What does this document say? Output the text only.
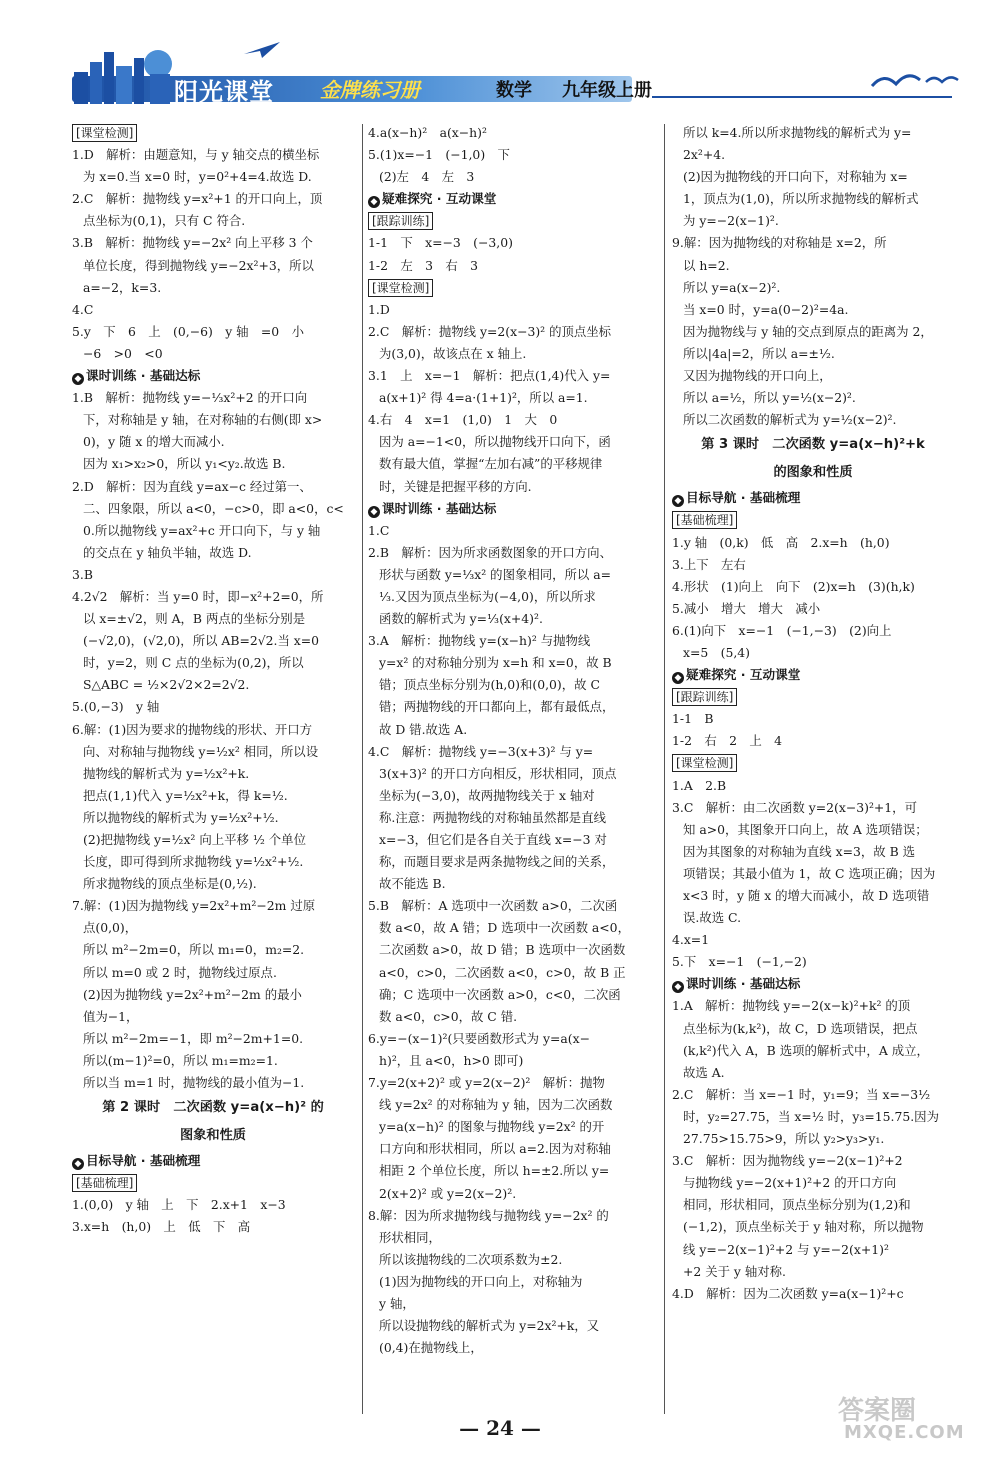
阳光课堂 金牌练习册	数学 九年级上册
[课堂检测]
1.D　解析：由题意知，与 y 轴交点的横坐标
为 x=0.当 x=0 时，y=0²+4=4.故选 D.
2.C　解析：抛物线 y=x²+1 的开口向上，顶
点坐标为(0,1)，只有 C 符合.
3.B　解析：抛物线 y=−2x² 向上平移 3 个
单位长度，得到抛物线 y=−2x²+3，所以
a=−2，k=3.
4.C
5.y　下　6　上　(0,−6)　y 轴　=0　小
−6　>0　<0
◆ 课时训练 · 基础达标
1.B　解析：抛物线 y=−⅓x²+2 的开口向
下，对称轴是 y 轴，在对称轴的右侧(即 x>
0)，y 随 x 的增大而减小.
因为 x₁>x₂>0，所以 y₁<y₂.故选 B.
2.D　解析：因为直线 y=ax−c 经过第一、
二、四象限，所以 a<0，−c>0，即 a<0，c<
0.所以抛物线 y=ax²+c 开口向下，与 y 轴
的交点在 y 轴负半轴，故选 D.
3.B
4.2√2　解析：当 y=0 时，即−x²+2=0，所
以 x=±√2，则 A，B 两点的坐标分别是
(−√2,0)，(√2,0)，所以 AB=2√2.当 x=0
时，y=2，则 C 点的坐标为(0,2)，所以
S△ABC = ½×2√2×2=2√2.
5.(0,−3)　y 轴
6.解：(1)因为要求的抛物线的形状、开口方
向、对称轴与抛物线 y=½x² 相同，所以设
抛物线的解析式为 y=½x²+k.
把点(1,1)代入 y=½x²+k，得 k=½.
所以抛物线的解析式为 y=½x²+½.
(2)把抛物线 y=½x² 向上平移 ½ 个单位
长度，即可得到所求抛物线 y=½x²+½.
所求抛物线的顶点坐标是(0,½).
7.解：(1)因为抛物线 y=2x²+m²−2m 过原
点(0,0)，
所以 m²−2m=0，所以 m₁=0，m₂=2.
所以 m=0 或 2 时，抛物线过原点.
(2)因为抛物线 y=2x²+m²−2m 的最小
值为−1，
所以 m²−2m=−1，即 m²−2m+1=0.
所以(m−1)²=0，所以 m₁=m₂=1.
所以当 m=1 时，抛物线的最小值为−1.
第 2 课时　二次函数 y=a(x−h)² 的
图象和性质
◆ 目标导航 · 基础梳理
[基础梳理]
1.(0,0)　y 轴　上　下　2.x+1　x−3
3.x=h　(h,0)　上　低　下　高
4.a(x−h)²　a(x−h)²
5.(1)x=−1　(−1,0)　下
(2)左　4　左　3
◆ 疑难探究 · 互动课堂
[跟踪训练]
1-1　下　x=−3　(−3,0)
1-2　左　3　右　3
[课堂检测]
1.D
2.C　解析：抛物线 y=2(x−3)² 的顶点坐标
为(3,0)，故该点在 x 轴上.
3.1　上　x=−1　解析：把点(1,4)代入 y=
a(x+1)² 得 4=a·(1+1)²，所以 a=1.
4.右　4　x=1　(1,0)　1　大　0
因为 a=−1<0，所以抛物线开口向下，函
数有最大值，掌握“左加右减”的平移规律
时，关键是把握平移的方向.
◆ 课时训练 · 基础达标
1.C
2.B　解析：因为所求函数图象的开口方向、
形状与函数 y=⅓x² 的图象相同，所以 a=
⅓.又因为顶点坐标为(−4,0)，所以所求
函数的解析式为 y=⅓(x+4)².
3.A　解析：抛物线 y=(x−h)² 与抛物线
y=x² 的对称轴分别为 x=h 和 x=0，故 B
错；顶点坐标分别为(h,0)和(0,0)，故 C
错；两抛物线的开口都向上，都有最低点，
故 D 错.故选 A.
4.C　解析：抛物线 y=−3(x+3)² 与 y=
3(x+3)² 的开口方向相反，形状相同，顶点
坐标为(−3,0)，故两抛物线关于 x 轴对
称.注意：两抛物线的对称轴虽然都是直线
x=−3，但它们是各自关于直线 x=−3 对
称，而题目要求是两条抛物线之间的关系，
故不能选 B.
5.B　解析：A 选项中一次函数 a>0，二次函
数 a<0，故 A 错；D 选项中一次函数 a<0，
二次函数 a>0，故 D 错；B 选项中一次函数
a<0，c>0，二次函数 a<0，c>0，故 B 正
确；C 选项中一次函数 a>0，c<0，二次函
数 a<0，c>0，故 C 错.
6.y=−(x−1)²(只要函数形式为 y=a(x−
h)²，且 a<0，h>0 即可)
7.y=2(x+2)² 或 y=2(x−2)²　解析：抛物
线 y=2x² 的对称轴为 y 轴，因为二次函数
y=a(x−h)² 的图象与抛物线 y=2x² 的开
口方向和形状相同，所以 a=2.因为对称轴
相距 2 个单位长度，所以 h=±2.所以 y=
2(x+2)² 或 y=2(x−2)².
8.解：因为所求抛物线与抛物线 y=−2x² 的
形状相同，
所以该抛物线的二次项系数为±2.
(1)因为抛物线的开口向上，对称轴为
y 轴，
所以设抛物线的解析式为 y=2x²+k，又
(0,4)在抛物线上，
所以 k=4.所以所求抛物线的解析式为 y=
2x²+4.
(2)因为抛物线的开口向下，对称轴为 x=
1，顶点为(1,0)，所以所求抛物线的解析式
为 y=−2(x−1)².
9.解：因为抛物线的对称轴是 x=2，所
以 h=2.
所以 y=a(x−2)².
当 x=0 时，y=a(0−2)²=4a.
因为抛物线与 y 轴的交点到原点的距离为 2，
所以|4a|=2，所以 a=±½.
又因为抛物线的开口向上，
所以 a=½，所以 y=½(x−2)².
所以二次函数的解析式为 y=½(x−2)².
第 3 课时　二次函数 y=a(x−h)²+k
的图象和性质
◆ 目标导航 · 基础梳理
[基础梳理]
1.y 轴　(0,k)　低　高　2.x=h　(h,0)
3.上下　左右
4.形状　(1)向上　向下　(2)x=h　(3)(h,k)
5.减小　增大　增大　减小
6.(1)向下　x=−1　(−1,−3)　(2)向上
x=5　(5,4)
◆ 疑难探究 · 互动课堂
[跟踪训练]
1-1　B
1-2　右　2　上　4
[课堂检测]
1.A　2.B
3.C　解析：由二次函数 y=2(x−3)²+1，可
知 a>0，其图象开口向上，故 A 选项错误；
因为其图象的对称轴为直线 x=3，故 B 选
项错误；其最小值为 1，故 C 选项正确；因为
x<3 时，y 随 x 的增大而减小，故 D 选项错
误.故选 C.
4.x=1
5.下　x=−1　(−1,−2)
◆ 课时训练 · 基础达标
1.A　解析：抛物线 y=−2(x−k)²+k² 的顶
点坐标为(k,k²)，故 C，D 选项错误，把点
(k,k²)代入 A，B 选项的解析式中，A 成立，
故选 A.
2.C　解析：当 x=−1 时，y₁=9；当 x=−3½
时，y₂=27.75，当 x=½ 时，y₃=15.75.因为
27.75>15.75>9，所以 y₂>y₃>y₁.
3.C　解析：因为抛物线 y=−2(x−1)²+2
与抛物线 y=−2(x+1)²+2 的开口方向
相同，形状相同，顶点坐标分别为(1,2)和
(−1,2)，顶点坐标关于 y 轴对称，所以抛物
线 y=−2(x−1)²+2 与 y=−2(x+1)²
+2 关于 y 轴对称.
4.D　解析：因为二次函数 y=a(x−1)²+c
— 24 —
答案圈
MXQE.COM
